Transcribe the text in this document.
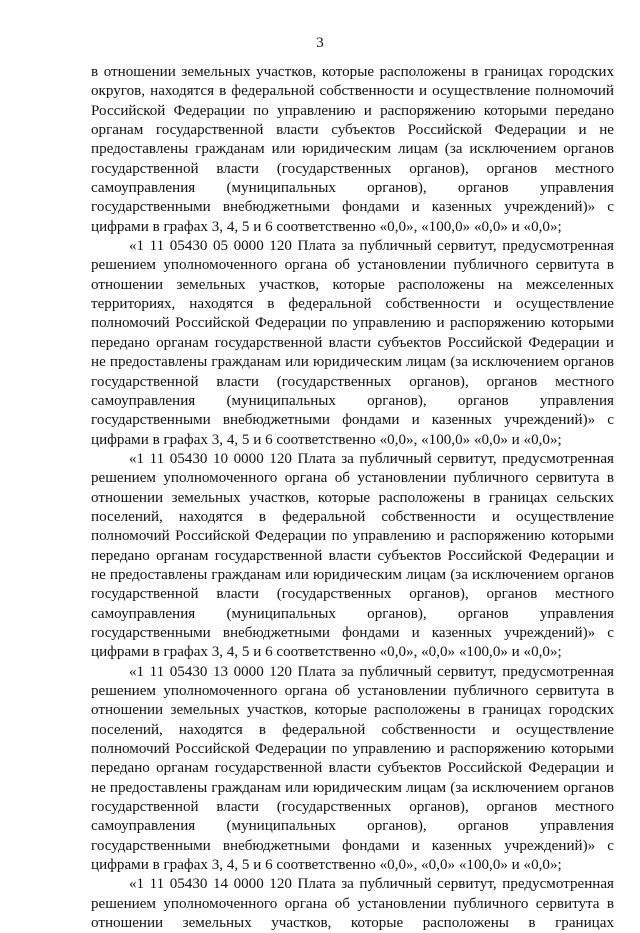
3

в отношении земельных участков, которые расположены в границах городских округов, находятся в федеральной собственности и осуществление полномочий Российской Федерации по управлению и распоряжению которыми передано органам государственной власти субъектов Российской Федерации и не предоставлены гражданам или юридическим лицам (за исключением органов государственной власти (государственных органов), органов местного самоуправления (муниципальных органов), органов управления государственными внебюджетными фондами и казенных учреждений)» с цифрами в графах 3, 4, 5 и 6 соответственно «0,0», «100,0» «0,0» и «0,0»;

«1 11 05430 05 0000 120 Плата за публичный сервитут, предусмотренная решением уполномоченного органа об установлении публичного сервитута в отношении земельных участков, которые расположены на межселенных территориях, находятся в федеральной собственности и осуществление полномочий Российской Федерации по управлению и распоряжению которыми передано органам государственной власти субъектов Российской Федерации и не предоставлены гражданам или юридическим лицам (за исключением органов государственной власти (государственных органов), органов местного самоуправления (муниципальных органов), органов управления государственными внебюджетными фондами и казенных учреждений)» с цифрами в графах 3, 4, 5 и 6 соответственно «0,0», «100,0» «0,0» и «0,0»;

«1 11 05430 10 0000 120 Плата за публичный сервитут, предусмотренная решением уполномоченного органа об установлении публичного сервитута в отношении земельных участков, которые расположены в границах сельских поселений, находятся в федеральной собственности и осуществление полномочий Российской Федерации по управлению и распоряжению которыми передано органам государственной власти субъектов Российской Федерации и не предоставлены гражданам или юридическим лицам (за исключением органов государственной власти (государственных органов), органов местного самоуправления (муниципальных органов), органов управления государственными внебюджетными фондами и казенных учреждений)» с цифрами в графах 3, 4, 5 и 6 соответственно «0,0», «0,0» «100,0» и «0,0»;

«1 11 05430 13 0000 120 Плата за публичный сервитут, предусмотренная решением уполномоченного органа об установлении публичного сервитута в отношении земельных участков, которые расположены в границах городских поселений, находятся в федеральной собственности и осуществление полномочий Российской Федерации по управлению и распоряжению которыми передано органам государственной власти субъектов Российской Федерации и не предоставлены гражданам или юридическим лицам (за исключением органов государственной власти (государственных органов), органов местного самоуправления (муниципальных органов), органов управления государственными внебюджетными фондами и казенных учреждений)» с цифрами в графах 3, 4, 5 и 6 соответственно «0,0», «0,0» «100,0» и «0,0»;

«1 11 05430 14 0000 120 Плата за публичный сервитут, предусмотренная решением уполномоченного органа об установлении публичного сервитута в отношении земельных участков, которые расположены в границах
